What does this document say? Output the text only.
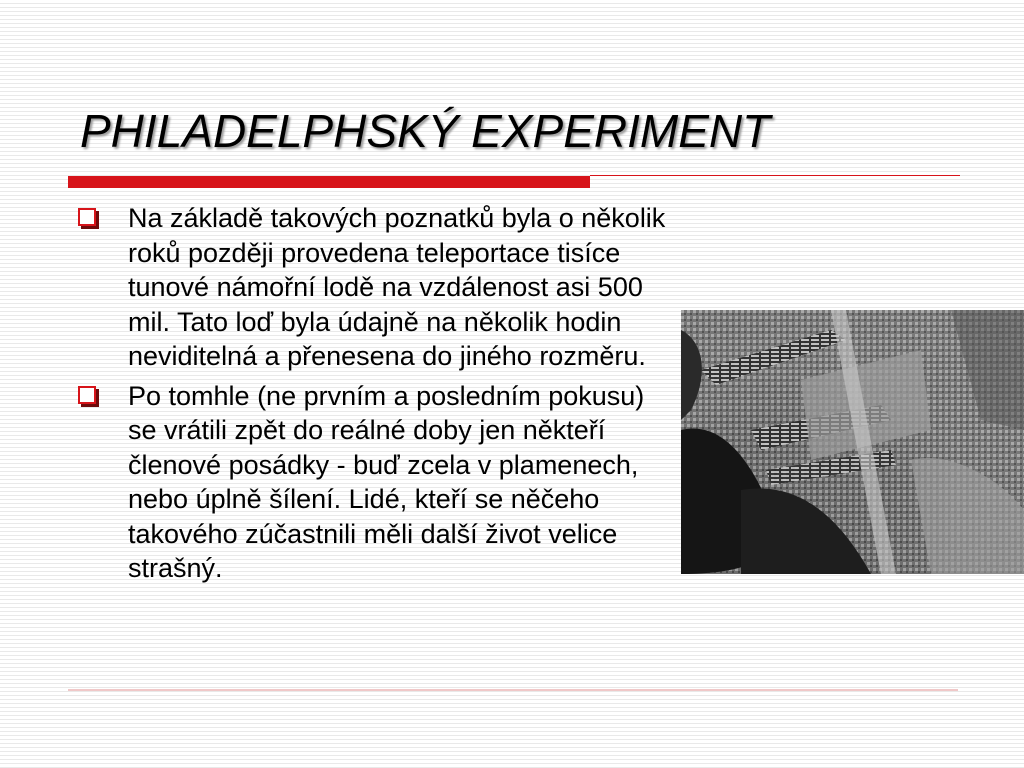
PHILADELPHSKÝ EXPERIMENT
Na základě takových poznatků byla o několik roků později provedena teleportace tisíce tunové námořní lodě na vzdálenost asi 500 mil. Tato loď byla údajně na několik hodin neviditelná a přenesena do jiného rozměru.
Po tomhle (ne prvním a posledním pokusu) se vrátili zpět do reálné doby jen někteří členové posádky - buď zcela v plamenech, nebo úplně šílení. Lidé, kteří se něčeho takového zúčastnili měli další život velice strašný.
